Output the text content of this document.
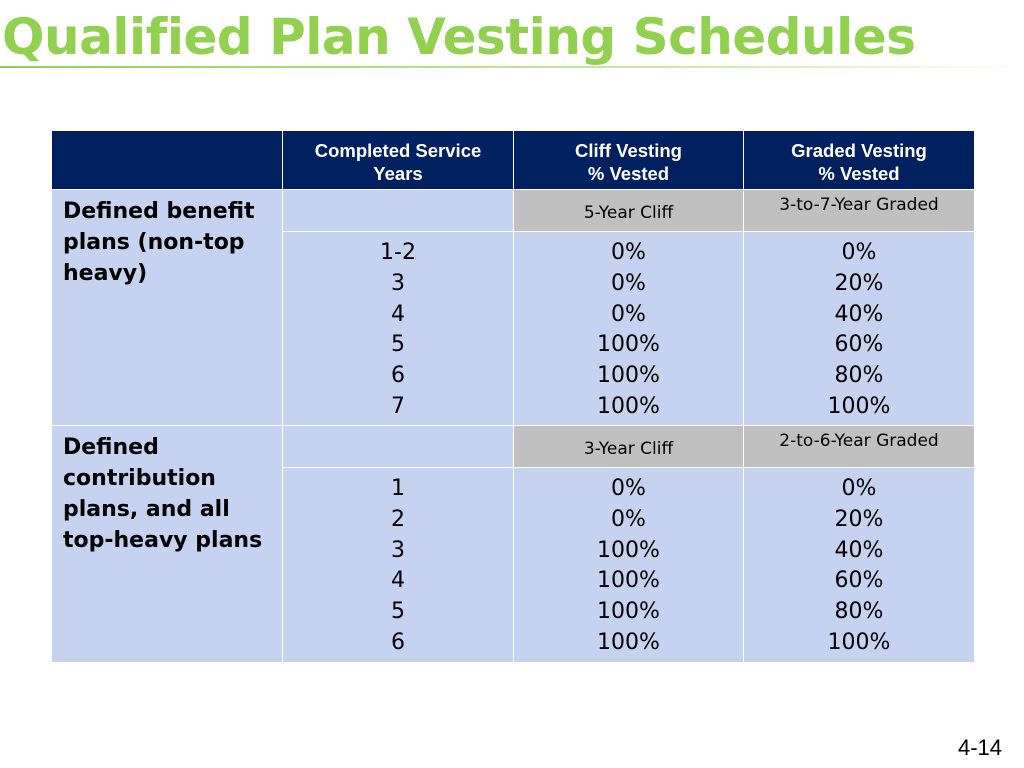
Qualified Plan Vesting Schedules
Completed Service
Years
Cliff Vesting
% Vested
Graded Vesting
% Vested
Defined benefit plans (non-top heavy)
5-Year Cliff	3-to-7-Year Graded
1-2
3
4
5
6
7
0%
0%
0%
100%
100%
100%
0%
20%
40%
60%
80%
100%
Defined contribution plans, and all top-heavy plans
3-Year Cliff	2-to-6-Year Graded
1
2
3
4
5
6
0%
0%
100%
100%
100%
100%
0%
20%
40%
60%
80%
100%
4-14
